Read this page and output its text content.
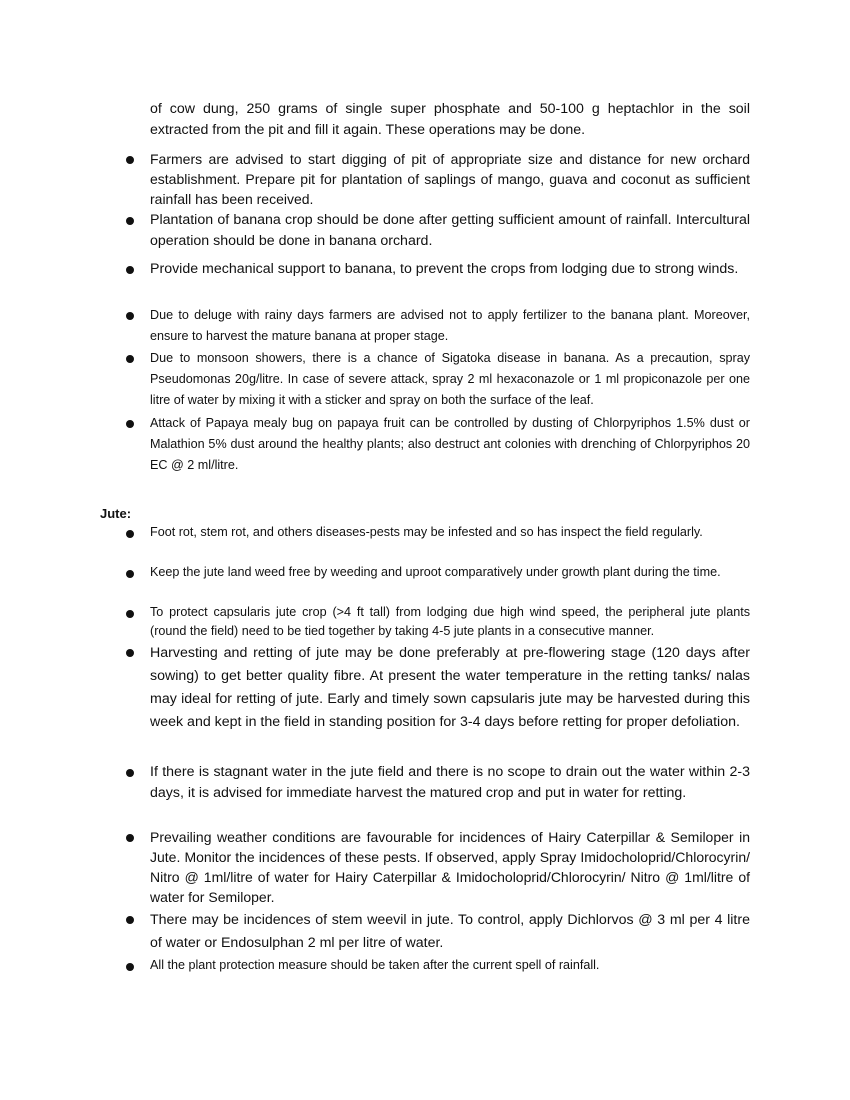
of cow dung, 250 grams of single super phosphate and 50-100 g heptachlor in the soil extracted from the pit and fill it again. These operations may be done.

Farmers are advised to start digging of pit of appropriate size and distance for new orchard establishment. Prepare pit for plantation of saplings of mango, guava and coconut as sufficient rainfall has been received.

Plantation of banana crop should be done after getting sufficient amount of rainfall. Intercultural operation should be done in banana orchard.

Provide mechanical support to banana, to prevent the crops from lodging due to strong winds.

Due to deluge with rainy days farmers are advised not to apply fertilizer to the banana plant. Moreover, ensure to harvest the mature banana at proper stage.

Due to monsoon showers, there is a chance of Sigatoka disease in banana. As a precaution, spray Pseudomonas 20g/litre. In case of severe attack, spray 2 ml hexaconazole or 1 ml propiconazole per one litre of water by mixing it with a sticker and spray on both the surface of the leaf.

Attack of Papaya mealy bug on papaya fruit can be controlled by dusting of Chlorpyriphos 1.5% dust or Malathion 5% dust around the healthy plants; also destruct ant colonies with drenching of Chlorpyriphos 20 EC @ 2 ml/litre.

Jute:

Foot rot, stem rot, and others diseases-pests may be infested and so has inspect the field regularly.

Keep the jute land weed free by weeding and uproot comparatively under growth plant during the time.

To protect capsularis jute crop (>4 ft tall) from lodging due high wind speed, the peripheral jute plants (round the field) need to be tied together by taking 4-5 jute plants in a consecutive manner.

Harvesting and retting of jute may be done preferably at pre-flowering stage (120 days after sowing) to get better quality fibre. At present the water temperature in the retting tanks/ nalas may ideal for retting of jute. Early and timely sown capsularis jute may be harvested during this week and kept in the field in standing position for 3-4 days before retting for proper defoliation.

If there is stagnant water in the jute field and there is no scope to drain out the water within 2-3 days, it is advised for immediate harvest the matured crop and put in water for retting.

Prevailing weather conditions are favourable for incidences of Hairy Caterpillar & Semiloper in Jute. Monitor the incidences of these pests. If observed, apply Spray Imidocholoprid/Chlorocyrin/ Nitro @ 1ml/litre of water for Hairy Caterpillar & Imidocholoprid/Chlorocyrin/ Nitro @ 1ml/litre of water for Semiloper.

There may be incidences of stem weevil in jute. To control, apply Dichlorvos @ 3 ml per 4 litre of water or Endosulphan 2 ml per litre of water.

All the plant protection measure should be taken after the current spell of rainfall.
